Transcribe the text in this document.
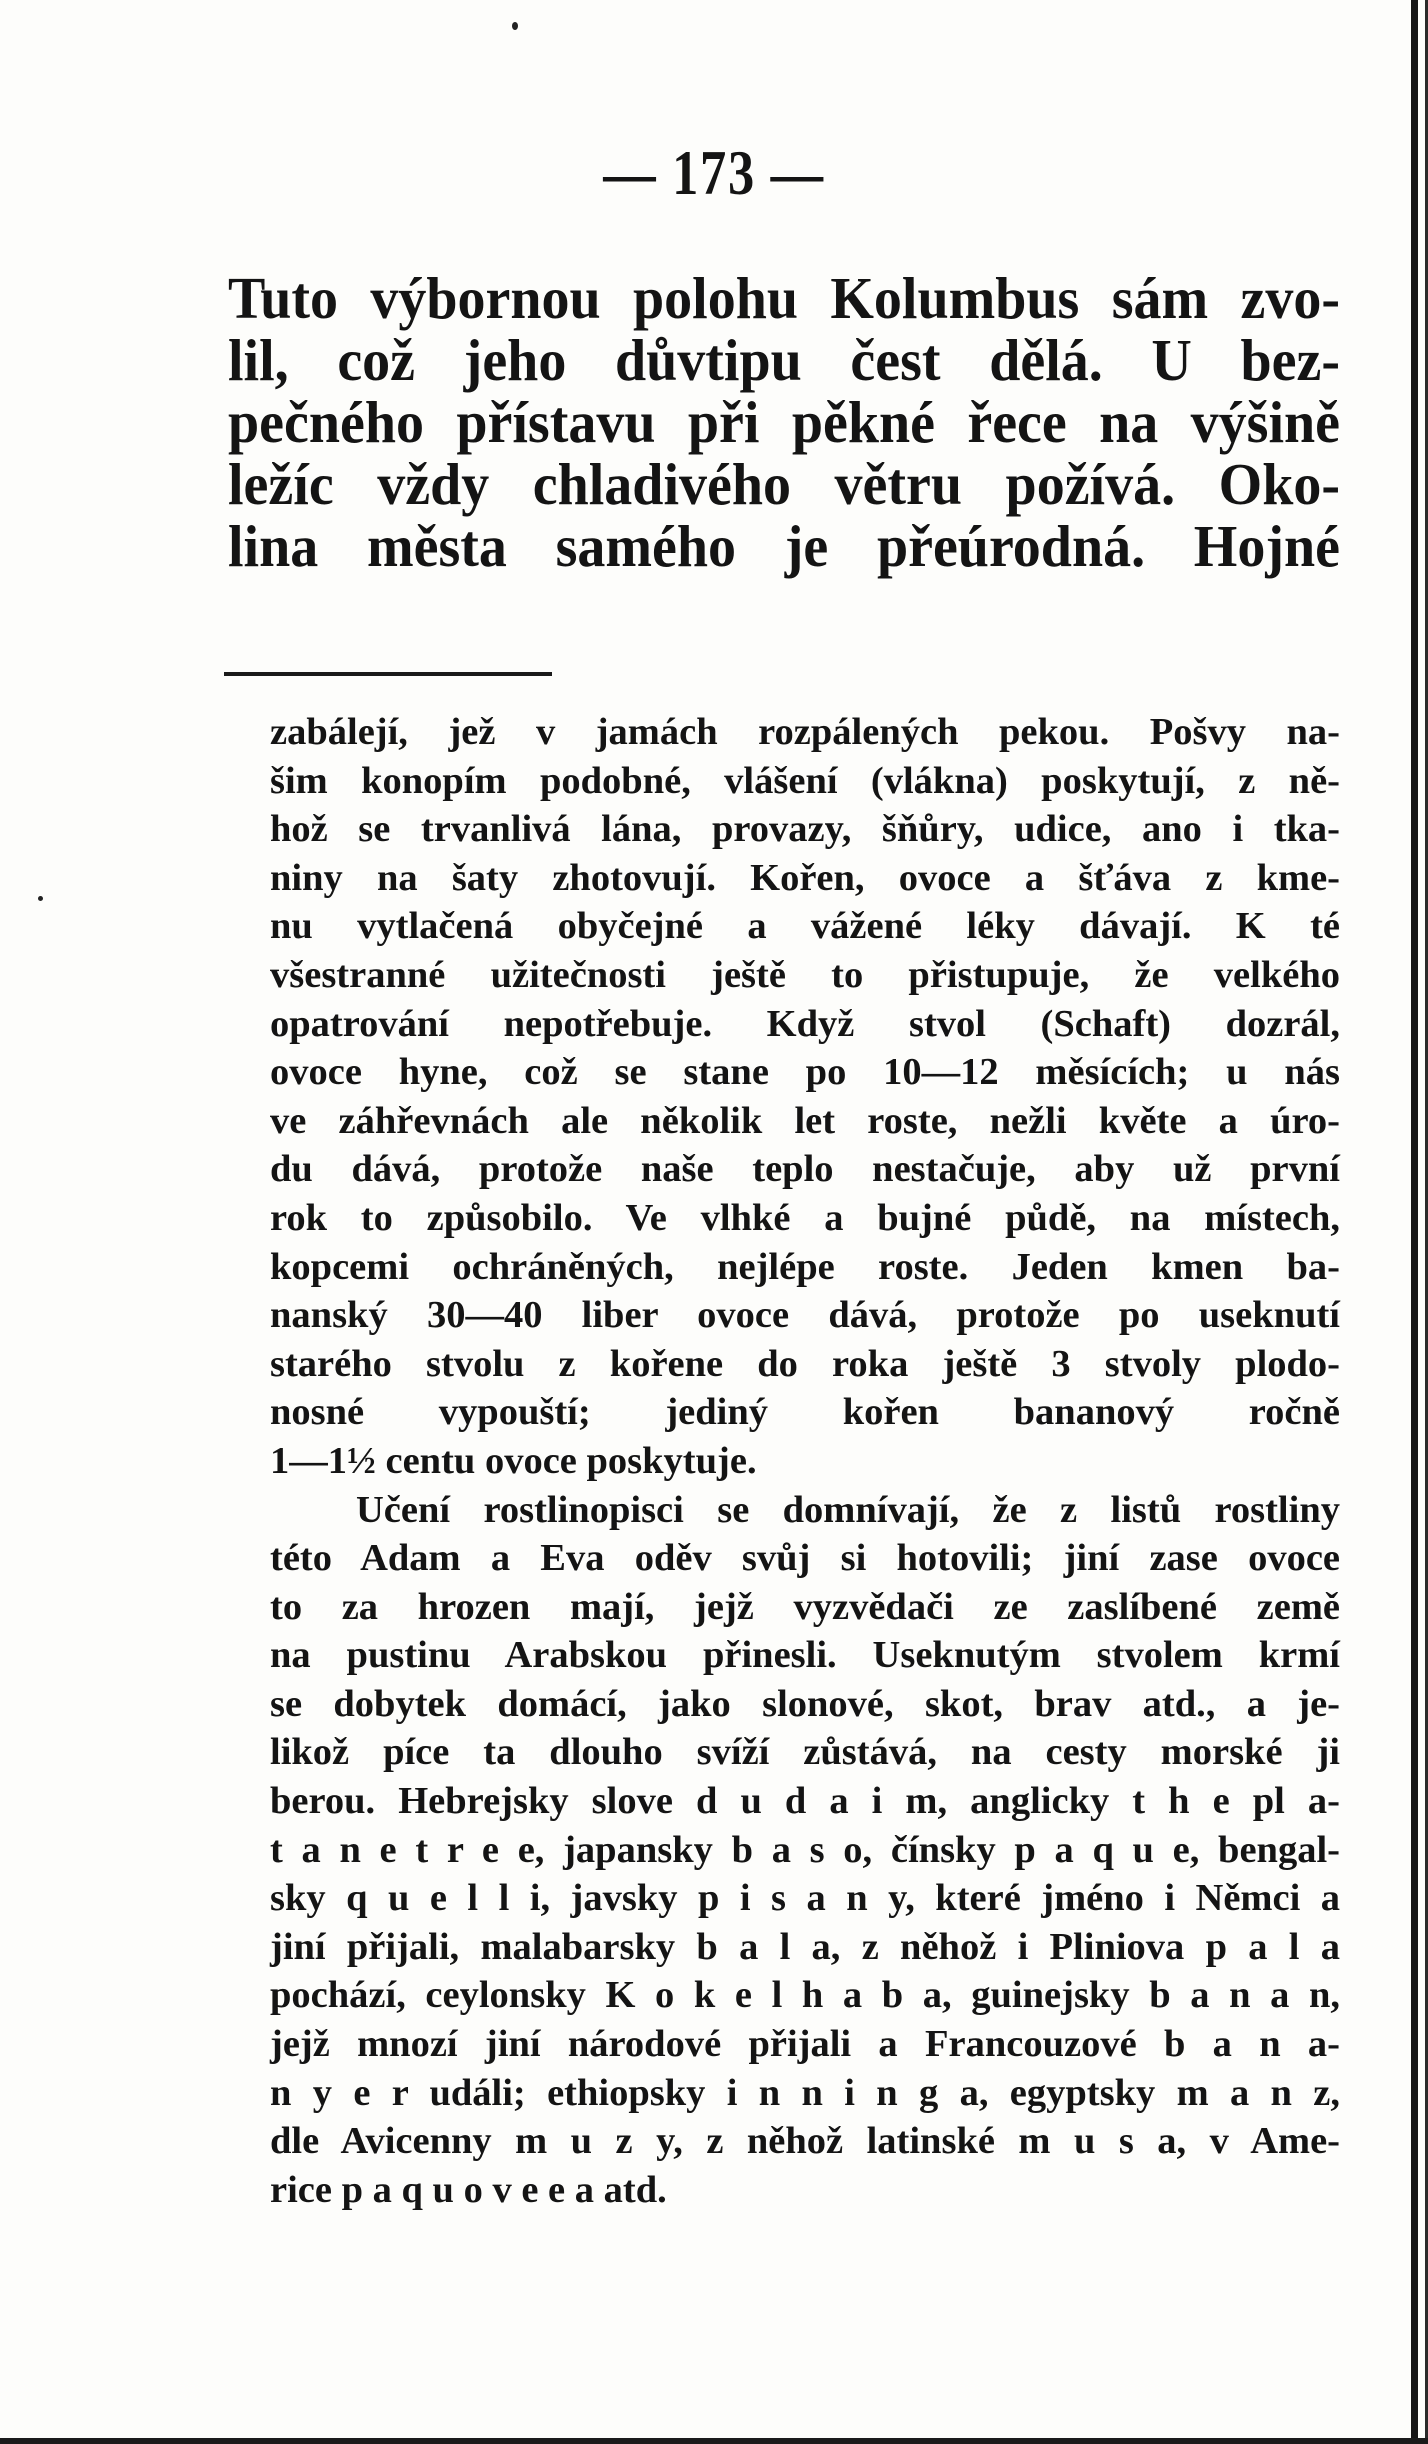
— 173 —
Tuto výbornou polohu Kolumbus sám zvo-
lil, což jeho důvtipu čest dělá. U bez-
pečného přístavu při pěkné řece na výšině
ležíc vždy chladivého větru požívá. Oko-
lina města samého je přeúrodná. Hojné
zabálejí, jež v jamách rozpálených pekou. Pošvy na-
šim konopím podobné, vlášení (vlákna) poskytují, z ně-
hož se trvanlivá lána, provazy, šňůry, udice, ano i tka-
niny na šaty zhotovují. Kořen, ovoce a šťáva z kme-
nu vytlačená obyčejné a vážené léky dávají. K té
všestranné užitečnosti ještě to přistupuje, že velkého
opatrování nepotřebuje. Když stvol (Schaft) dozrál,
ovoce hyne, což se stane po 10—12 měsících; u nás
ve záhřevnách ale několik let roste, nežli květe a úro-
du dává, protože naše teplo nestačuje, aby už první
rok to způsobilo. Ve vlhké a bujné půdě, na místech,
kopcemi ochráněných, nejlépe roste. Jeden kmen ba-
nanský 30—40 liber ovoce dává, protože po useknutí
starého stvolu z kořene do roka ještě 3 stvoly plodo-
nosné vypouští; jediný kořen bananový ročně
1—1½ centu ovoce poskytuje.
Učení rostlinopisci se domnívají, že z listů rostliny
této Adam a Eva oděv svůj si hotovili; jiní zase ovoce
to za hrozen mají, jejž vyzvědači ze zaslíbené země
na pustinu Arabskou přinesli. Useknutým stvolem krmí
se dobytek domácí, jako slonové, skot, brav atd., a je-
likož píce ta dlouho svíží zůstává, na cesty morské ji
berou. Hebrejsky slove d u d a i m, anglicky t h e pl a-
t a n e t r e e, japansky b a s o, čínsky p a q u e, bengal-
sky q u e l l i, javsky p i s a n y, které jméno i Němci a
jiní přijali, malabarsky b a l a, z něhož i Pliniova p a l a
pochází, ceylonsky K o k e l h a b a, guinejsky b a n a n,
jejž mnozí jiní národové přijali a Francouzové b a n a-
n y e r událi; ethiopsky i n n i n g a, egyptsky m a n z,
dle Avicenny m u z y, z něhož latinské m u s a, v Ame-
rice p a q u o v e e a atd.
